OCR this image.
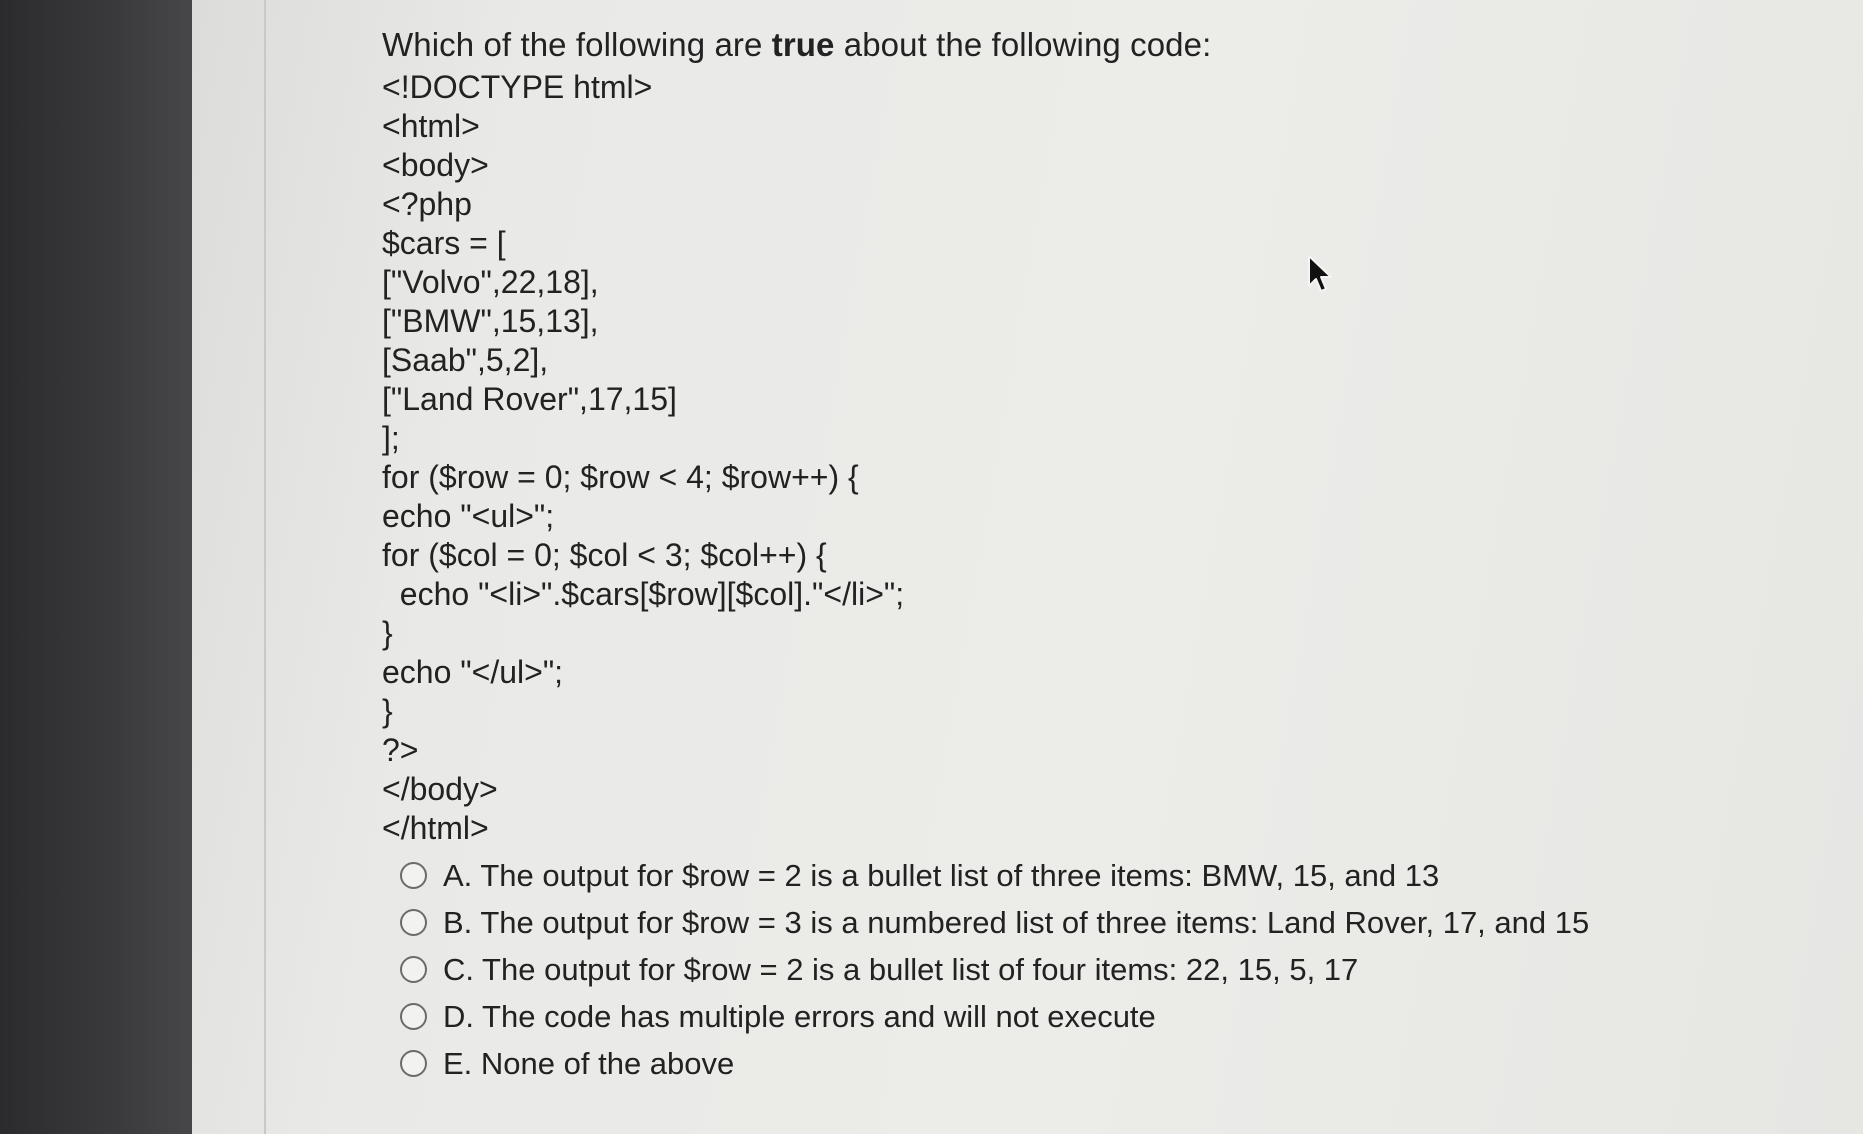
Which of the following are true about the following code:

<!DOCTYPE html>
<html>
<body>
<?php
$cars = [
["Volvo",22,18],
["BMW",15,13],
[Saab",5,2],
["Land Rover",17,15]
];
for ($row = 0; $row < 4; $row++) {
echo "<ul>";
for ($col = 0; $col < 3; $col++) {
echo "<li>".$cars[$row][$col]."</li>";
}
echo "</ul>";
}
?>
</body>
</html>
A. The output for $row = 2 is a bullet list of three items: BMW, 15, and 13
B. The output for $row = 3 is a numbered list of three items: Land Rover, 17, and 15
C. The output for $row = 2 is a bullet list of four items: 22, 15, 5, 17
D. The code has multiple errors and will not execute
E. None of the above
